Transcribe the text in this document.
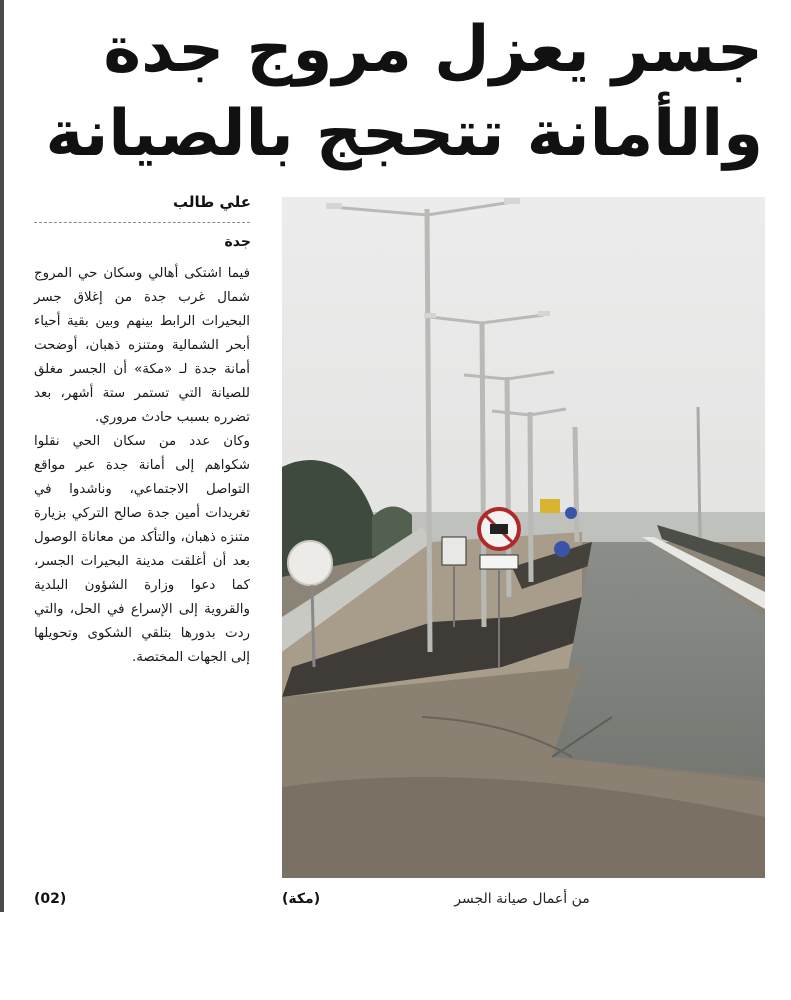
جسر يعزل مروج جدة
والأمانة تتحجج بالصيانة
علي طالب
جدة

فيما اشتكى أهالي وسكان حي المروج شمال غرب جدة من إغلاق جسر البحيرات الرابط بينهم وبين بقية أحياء أبحر الشمالية ومتنزه ذهبان، أوضحت أمانة جدة لـ «مكة» أن الجسر مغلق للصيانة التي تستمر ستة أشهر، بعد تضرره بسبب حادث مروري.
وكان عدد من سكان الحي نقلوا شكواهم إلى أمانة جدة عبر مواقع التواصل الاجتماعي، وناشدوا في تغريدات أمين جدة صالح التركي بزيارة متنزه ذهبان، والتأكد من معاناة الوصول بعد أن أغلقت مدينة البحيرات الجسر، كما دعوا وزارة الشؤون البلدية والقروية إلى الإسراع في الحل، والتي ردت بدورها بتلقي الشكوى وتحويلها إلى الجهات المختصة.

(مكة)	من أعمال صيانة الجسر
(02)
